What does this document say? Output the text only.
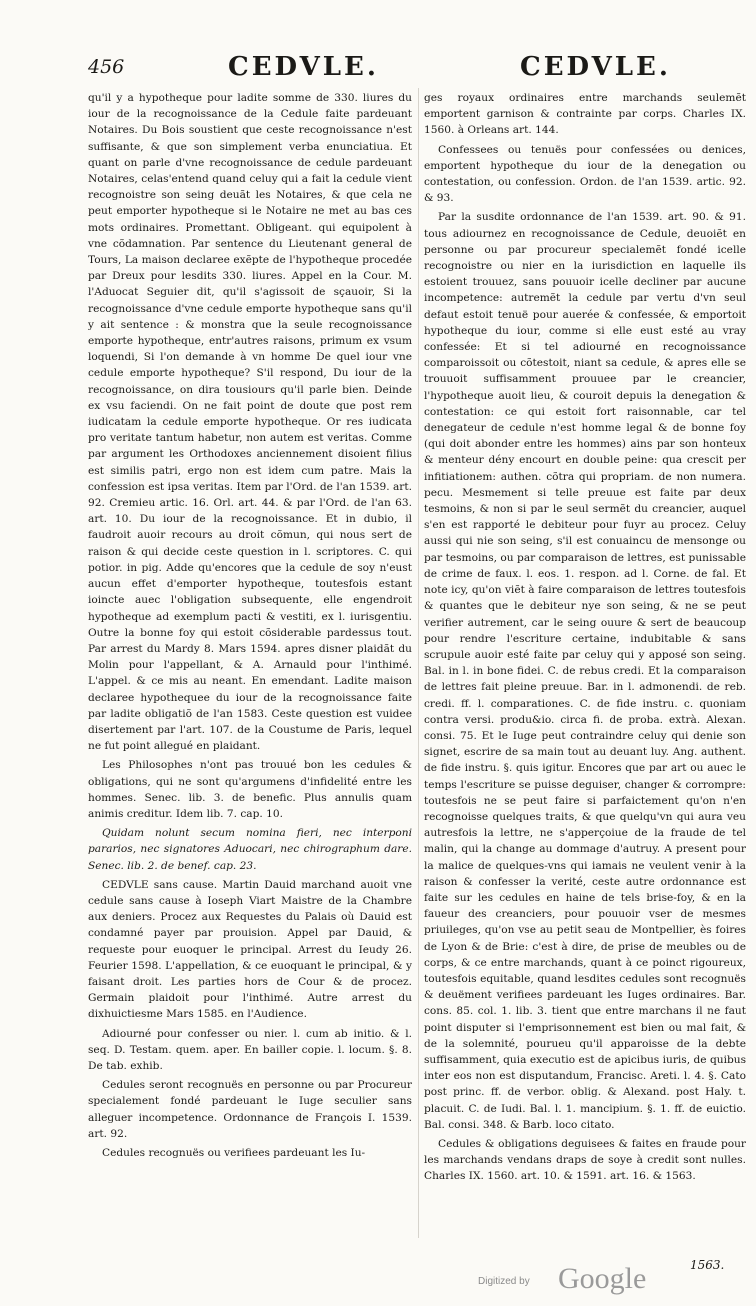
456	CEDVLE.	CEDVLE.

qu'il y a hypotheque pour ladite somme de 330. liures du iour de la recognoissance de la Cedule faite pardeuant Notaires. Du Bois soustient que ceste recognoissance n'est suffisante, & que son simplement verba enunciatiua. Et quant on parle d'vne recognoissance de cedule pardeuant Notaires, celas'entend quand celuy qui a fait la cedule vient recognoistre son seing deuãt les Notaires, & que cela ne peut emporter hypotheque si le Notaire ne met au bas ces mots ordinaires. Promettant. Obligeant. qui equipolent à vne cõdamnation. Par sentence du Lieutenant general de Tours, La maison declaree exẽpte de l'hypotheque procedée par Dreux pour lesdits 330. liures. Appel en la Cour. M. l'Aduocat Seguier dit, qu'il s'agissoit de sçauoir, Si la recognoissance d'vne cedule emporte hypotheque sans qu'il y ait sentence : & monstra que la seule recognoissance emporte hypotheque, entr'autres raisons, primum ex vsum loquendi, Si l'on demande à vn homme De quel iour vne cedule emporte hypotheque? S'il respond, Du iour de la recognoissance, on dira tousiours qu'il parle bien. Deinde ex vsu faciendi. On ne fait point de doute que post rem iudicatam la cedule emporte hypotheque. Or res iudicata pro veritate tantum habetur, non autem est veritas. Comme par argument les Orthodoxes anciennement disoient filius est similis patri, ergo non est idem cum patre. Mais la confession est ipsa veritas. Item par l'Ord. de l'an 1539. art. 92. Cremieu artic. 16. Orl. art. 44. & par l'Ord. de l'an 63. art. 10. Du iour de la recognoissance. Et in dubio, il faudroit auoir recours au droit cõmun, qui nous sert de raison & qui decide ceste question in l. scriptores. C. qui potior. in pig. Adde qu'encores que la cedule de soy n'eust aucun effet d'emporter hypotheque, toutesfois estant ioincte auec l'obligation subsequente, elle engendroit hypotheque ad exemplum pacti & vestiti, ex l. iurisgentiu. Outre la bonne foy qui estoit cõsiderable pardessus tout. Par arrest du Mardy 8. Mars 1594. apres disner plaidãt du Molin pour l'appellant, & A. Arnauld pour l'inthimé. L'appel. & ce mis au neant. En emendant. Ladite maison declaree hypothequee du iour de la recognoissance faite par ladite obligatiõ de l'an 1583. Ceste question est vuidee disertement par l'art. 107. de la Coustume de Paris, lequel ne fut point allegué en plaidant.

Les Philosophes n'ont pas trouué bon les cedules & obligations, qui ne sont qu'argumens d'infidelité entre les hommes. Senec. lib. 3. de benefic. Plus annulis quam animis creditur. Idem lib. 7. cap. 10.

Quidam nolunt secum nomina fieri, nec interponi pararios, nec signatores Aduocari, nec chirographum dare. Senec. lib. 2. de benef. cap. 23.

CEDVLE sans cause. Martin Dauid marchand auoit vne cedule sans cause à Ioseph Viart Maistre de la Chambre aux deniers. Procez aux Requestes du Palais où Dauid est condamné payer par prouision. Appel par Dauid, & requeste pour euoquer le principal. Arrest du Ieudy 26. Feurier 1598. L'appellation, & ce euoquant le principal, & y faisant droit. Les parties hors de Cour & de procez. Germain plaidoit pour l'inthimé. Autre arrest du dixhuictiesme Mars 1585. en l'Audience.

Adiourné pour confesser ou nier. l. cum ab initio. & l. seq. D. Testam. quem. aper. En bailler copie. l. locum. §. 8. De tab. exhib.

Cedules seront recognuës en personne ou par Procureur specialement fondé pardeuant le Iuge seculier sans alleguer incompetence. Ordonnance de François I. 1539. art. 92.

Cedules recognuës ou verifiees pardeuant les Iu-

ges royaux ordinaires entre marchands seulemẽt emportent garnison & contrainte par corps. Charles IX. 1560. à Orleans art. 144.

Confessees ou tenuës pour confessées ou denices, emportent hypotheque du iour de la denegation ou contestation, ou confession. Ordon. de l'an 1539. artic. 92. & 93.

Par la susdite ordonnance de l'an 1539. art. 90. & 91. tous adiournez en recognoissance de Cedule, deuoiẽt en personne ou par procureur specialemẽt fondé icelle recognoistre ou nier en la iurisdiction en laquelle ils estoient trouuez, sans pouuoir icelle decliner par aucune incompetence: autremẽt la cedule par vertu d'vn seul defaut estoit tenuë pour auerée & confessée, & emportoit hypotheque du iour, comme si elle eust esté au vray confessée: Et si tel adiourné en recognoissance comparoissoit ou cõtestoit, niant sa cedule, & apres elle se trouuoit suffisamment prouuee par le creancier, l'hypotheque auoit lieu, & couroit depuis la denegation & contestation: ce qui estoit fort raisonnable, car tel denegateur de cedule n'est homme legal & de bonne foy (qui doit abonder entre les hommes) ains par son honteux & menteur dény encourt en double peine: qua crescit per infitiationem: authen. cõtra qui propriam. de non numera. pecu. Mesmement si telle preuue est faite par deux tesmoins, & non si par le seul sermẽt du creancier, auquel s'en est rapporté le debiteur pour fuyr au procez. Celuy aussi qui nie son seing, s'il est conuaincu de mensonge ou par tesmoins, ou par comparaison de lettres, est punissable de crime de faux. l. eos. 1. respon. ad l. Corne. de fal. Et note icy, qu'on viẽt à faire comparaison de lettres toutesfois & quantes que le debiteur nye son seing, & ne se peut verifier autrement, car le seing ouure & sert de beaucoup pour rendre l'escriture certaine, indubitable & sans scrupule auoir esté faite par celuy qui y apposé son seing. Bal. in l. in bone fidei. C. de rebus credi. Et la comparaison de lettres fait pleine preuue. Bar. in l. admonendi. de reb. credi. ff. l. comparationes. C. de fide instru. c. quoniam contra versi. produ&io. circa fi. de proba. extrà. Alexan. consi. 75. Et le Iuge peut contraindre celuy qui denie son signet, escrire de sa main tout au deuant luy. Ang. authent. de fide instru. §. quis igitur. Encores que par art ou auec le temps l'escriture se puisse deguiser, changer & corrompre: toutesfois ne se peut faire si parfaictement qu'on n'en recognoisse quelques traits, & que quelqu'vn qui aura veu autresfois la lettre, ne s'apperçoiue de la fraude de tel malin, qui la change au dommage d'autruy. A present pour la malice de quelques-vns qui iamais ne veulent venir à la raison & confesser la verité, ceste autre ordonnance est faite sur les cedules en haine de tels brise-foy, & en la faueur des creanciers, pour pouuoir vser de mesmes priuileges, qu'on vse au petit seau de Montpellier, ès foires de Lyon & de Brie: c'est à dire, de prise de meubles ou de corps, & ce entre marchands, quant à ce poinct rigoureux, toutesfois equitable, quand lesdites cedules sont recognuës & deuëment verifiees pardeuant les Iuges ordinaires. Bar. cons. 85. col. 1. lib. 3. tient que entre marchans il ne faut point disputer si l'emprisonnement est bien ou mal fait, & de la solemnité, pourueu qu'il apparoisse de la debte suffisamment, quia executio est de apicibus iuris, de quibus inter eos non est disputandum, Francisc. Areti. l. 4. §. Cato post princ. ff. de verbor. oblig. & Alexand. post Haly. t. placuit. C. de Iudi. Bal. l. 1. mancipium. §. 1. ff. de euictio. Bal. consi. 348. & Barb. loco citato.

Cedules & obligations deguisees & faites en fraude pour les marchands vendans draps de soye à credit sont nulles. Charles IX. 1560. art. 10. & 1591. art. 16. & 1563.

Digitized by Google	1563.
